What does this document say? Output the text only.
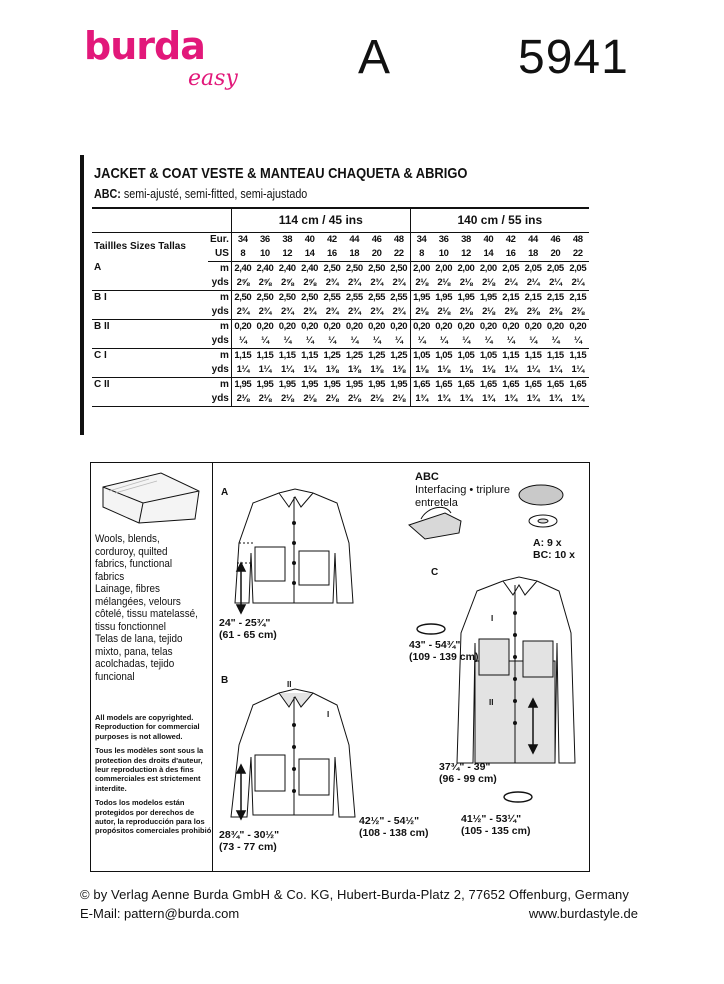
burda
easy	A	5941
JACKET & COAT VESTE & MANTEAU CHAQUETA & ABRIGO
ABC: semi-ajusté, semi-fitted, semi-ajustado
		114 cm / 45 ins								140 cm / 55 ins							
Taillles Sizes Tallas	Eur.	34	36	38	40	42	44	46	48	34	36	38	40	42	44	46	48
	US	8	10	12	14	16	18	20	22	8	10	12	14	16	18	20	22
A	m	2,40	2,40	2,40	2,40	2,50	2,50	2,50	2,50	2,00	2,00	2,00	2,00	2,05	2,05	2,05	2,05
	yds	2⅝	2⅝	2⅝	2⅝	2¾	2¾	2¾	2¾	2⅛	2⅛	2⅛	2⅛	2¼	2¼	2¼	2¼
B I	m	2,50	2,50	2,50	2,50	2,55	2,55	2,55	2,55	1,95	1,95	1,95	1,95	2,15	2,15	2,15	2,15
	yds	2¾	2¾	2¾	2¾	2¾	2¾	2¾	2¾	2⅛	2⅛	2⅛	2⅛	2⅜	2⅜	2⅜	2⅜
B II	m	0,20	0,20	0,20	0,20	0,20	0,20	0,20	0,20	0,20	0,20	0,20	0,20	0,20	0,20	0,20	0,20
	yds	¼	¼	¼	¼	¼	¼	¼	¼	¼	¼	¼	¼	¼	¼	¼	¼
C I	m	1,15	1,15	1,15	1,15	1,25	1,25	1,25	1,25	1,05	1,05	1,05	1,05	1,15	1,15	1,15	1,15
	yds	1¼	1¼	1¼	1¼	1⅜	1⅜	1⅜	1⅜	1⅛	1⅛	1⅛	1⅛	1¼	1¼	1¼	1¼
C II	m	1,95	1,95	1,95	1,95	1,95	1,95	1,95	1,95	1,65	1,65	1,65	1,65	1,65	1,65	1,65	1,65
	yds	2⅛	2⅛	2⅛	2⅛	2⅛	2⅛	2⅛	2⅛	1¾	1¾	1¾	1¾	1¾	1¾	1¾	1¾

Wools, blends, corduroy, quilted fabrics, functional fabrics

Lainage, fibres mélangées, velours côtelé, tissu matelassé, tissu fonctionnel

Telas de lana, tejido mixto, pana, telas acolchadas, tejido funcional

All models are copyrighted. Reproduction for commercial purposes is not allowed.

Tous les modèles sont sous la protection des droits d'auteur, leur reproduction à des fins commerciales est strictement interdite.

Todos los modelos están protegidos por derechos de autor, la reproducción para los propósitos comerciales prohibió

A
B
C
II
I
I
II
ABC
Interfacing • triplure
entretela
A: 9 x
BC: 10 x
24" - 25¾"
(61 - 65 cm)
43" - 54¾"
(109 - 139 cm)
28¾" - 30½"
(73 - 77 cm)
42½" - 54½"
(108 - 138 cm)
37¾" - 39"
(96 - 99 cm)
41½" - 53¼"
(105 - 135 cm)
© by Verlag Aenne Burda GmbH & Co. KG, Hubert-Burda-Platz 2, 77652 Offenburg, Germany
E-Mail: pattern@burda.com	www.burdastyle.de
